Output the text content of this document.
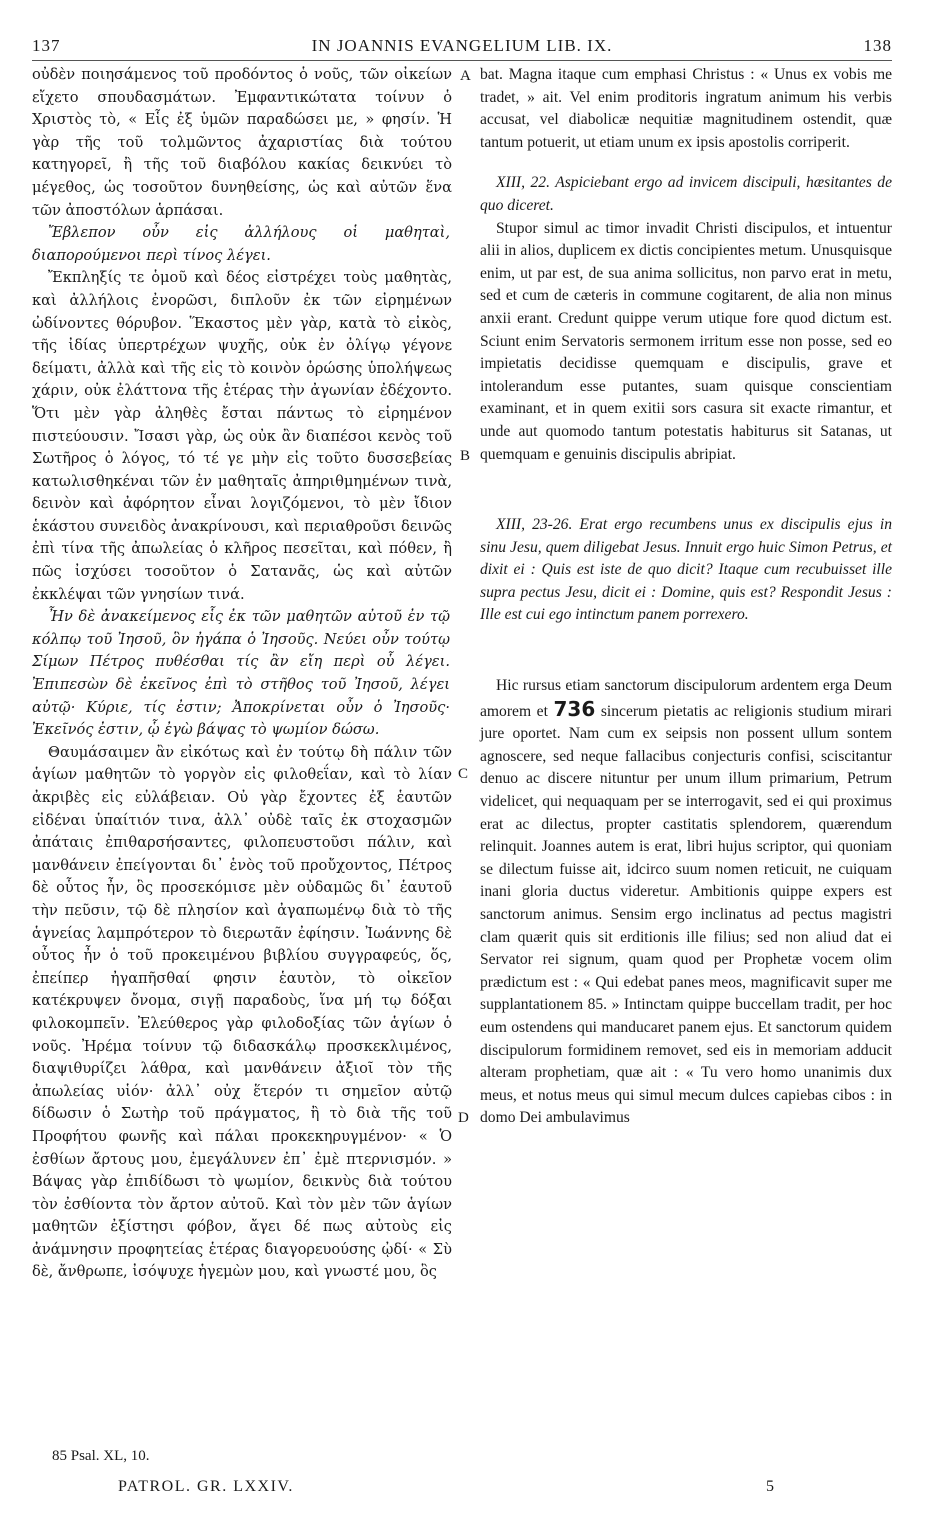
137	IN JOANNIS EVANGELIUM LIB. IX.	138

οὐδὲν ποιησάμενος τοῦ προδόντος ὁ νοῦς, τῶν οἰκείων εἴχετο σπουδασμάτων. Ἐμφαντικώτατα τοίνυν ὁ Χριστὸς τὸ, « Εἷς ἐξ ὑμῶν παραδώσει με, » φησίν. Ἡ γὰρ τῆς τοῦ τολμῶντος ἀχαριστίας διὰ τούτου κατηγορεῖ, ἢ τῆς τοῦ διαβόλου κακίας δεικνύει τὸ μέγεθος, ὡς τοσοῦτον δυνηθείσης, ὡς καὶ αὐτῶν ἕνα τῶν ἀποστόλων ἁρπάσαι.

Ἔβλεπον οὖν εἰς ἀλλήλους οἱ μαθηταὶ, διαπορούμενοι περὶ τίνος λέγει.

Ἔκπληξίς τε ὁμοῦ καὶ δέος εἰστρέχει τοὺς μαθητὰς, καὶ ἀλλήλοις ἐνορῶσι, διπλοῦν ἐκ τῶν εἰρημένων ὠδίνοντες θόρυβον. Ἕκαστος μὲν γὰρ, κατὰ τὸ εἰκὸς, τῆς ἰδίας ὑπερτρέχων ψυχῆς, οὐκ ἐν ὀλίγῳ γέγονε δείματι, ἀλλὰ καὶ τῆς εἰς τὸ κοινὸν ὁρώσης ὑπολήψεως χάριν, οὐκ ἐλάττονα τῆς ἑτέρας τὴν ἀγωνίαν ἐδέχοντο. Ὅτι μὲν γὰρ ἀληθὲς ἔσται πάντως τὸ εἰρημένον πιστεύουσιν. Ἴσασι γὰρ, ὡς οὐκ ἂν διαπέσοι κενὸς τοῦ Σωτῆρος ὁ λόγος, τό τέ γε μὴν εἰς τοῦτο δυσσεβείας κατωλισθηκέναι τῶν ἐν μαθηταῖς ἀπηριθμημένων τινὰ, δεινὸν καὶ ἀφόρητον εἶναι λογιζόμενοι, τὸ μὲν ἴδιον ἑκάστου συνειδὸς ἀνακρίνουσι, καὶ περιαθροῦσι δεινῶς ἐπὶ τίνα τῆς ἀπωλείας ὁ κλῆρος πεσεῖται, καὶ πόθεν, ἢ πῶς ἰσχύσει τοσοῦτον ὁ Σατανᾶς, ὡς καὶ αὐτῶν ἐκκλέψαι τῶν γνησίων τινά.

Ἦν δὲ ἀνακείμενος εἷς ἐκ τῶν μαθητῶν αὐτοῦ ἐν τῷ κόλπῳ τοῦ Ἰησοῦ, ὃν ἠγάπα ὁ Ἰησοῦς. Νεύει οὖν τούτῳ Σίμων Πέτρος πυθέσθαι τίς ἂν εἴη περὶ οὗ λέγει. Ἐπιπεσὼν δὲ ἐκεῖνος ἐπὶ τὸ στῆθος τοῦ Ἰησοῦ, λέγει αὐτῷ· Κύριε, τίς ἐστιν; Ἀποκρίνεται οὖν ὁ Ἰησοῦς· Ἐκεῖνός ἐστιν, ᾧ ἐγὼ βάψας τὸ ψωμίον δώσω.

Θαυμάσαιμεν ἂν εἰκότως καὶ ἐν τούτῳ δὴ πάλιν τῶν ἁγίων μαθητῶν τὸ γοργὸν εἰς φιλοθεΐαν, καὶ τὸ λίαν ἀκριβὲς εἰς εὐλάβειαν. Οὐ γὰρ ἔχοντες ἐξ ἑαυτῶν εἰδέναι ὑπαίτιόν τινα, ἀλλ᾽ οὐδὲ ταῖς ἐκ στοχασμῶν ἀπάταις ἐπιθαρσήσαντες, φιλοπευστοῦσι πάλιν, καὶ μανθάνειν ἐπείγονται δι᾽ ἑνὸς τοῦ προὔχοντος, Πέτρος δὲ οὗτος ἦν, ὃς προσεκόμισε μὲν οὐδαμῶς δι᾽ ἑαυτοῦ τὴν πεῦσιν, τῷ δὲ πλησίον καὶ ἀγαπωμένῳ διὰ τὸ τῆς ἁγνείας λαμπρότερον τὸ διερωτᾶν ἐφίησιν. Ἰωάννης δὲ οὗτος ἦν ὁ τοῦ προκειμένου βιβλίου συγγραφεύς, ὅς, ἐπείπερ ἠγαπῆσθαί φησιν ἑαυτὸν, τὸ οἰκεῖον κατέκρυψεν ὄνομα, σιγῇ παραδοὺς, ἵνα μή τῳ δόξαι φιλοκομπεῖν. Ἐλεύθερος γὰρ φιλοδοξίας τῶν ἁγίων ὁ νοῦς. Ἠρέμα τοίνυν τῷ διδασκάλῳ προσκεκλιμένος, διαψιθυρίζει λάθρα, καὶ μανθάνειν ἀξιοῖ τὸν τῆς ἀπωλείας υἱόν· ἀλλ᾽ οὐχ ἕτερόν τι σημεῖον αὐτῷ δίδωσιν ὁ Σωτὴρ τοῦ πράγματος, ἢ τὸ διὰ τῆς τοῦ Προφήτου φωνῆς καὶ πάλαι προκεκηρυγμένον· « Ὁ ἐσθίων ἄρτους μου, ἐμεγάλυνεν ἐπ᾽ ἐμὲ πτερνισμόν. » Βάψας γὰρ ἐπιδίδωσι τὸ ψωμίον, δεικνὺς διὰ τούτου τὸν ἐσθίοντα τὸν ἄρτον αὐτοῦ. Καὶ τὸν μὲν τῶν ἁγίων μαθητῶν ἐξίστησι φόβον, ἄγει δέ πως αὐτοὺς εἰς ἀνάμνησιν προφητείας ἑτέρας διαγορευούσης ᾠδί· « Σὺ δὲ, ἄνθρωπε, ἰσόψυχε ἡγεμὼν μου, καὶ γνωστέ μου, ὃς

A
B
C
D

bat. Magna itaque cum emphasi Christus : « Unus ex vobis me tradet, » ait. Vel enim proditoris ingratum animum his verbis accusat, vel diabolicæ nequitiæ magnitudinem ostendit, quæ tantum potuerit, ut etiam unum ex ipsis apostolis corriperit.

XIII, 22. Aspiciebant ergo ad invicem discipuli, hæsitantes de quo diceret.

Stupor simul ac timor invadit Christi discipulos, et intuentur alii in alios, duplicem ex dictis concipientes metum. Unusquisque enim, ut par est, de sua anima sollicitus, non parvo erat in metu, sed et cum de cæteris in commune cogitarent, de alia non minus anxii erant. Credunt quippe verum utique fore quod dictum est. Sciunt enim Servatoris sermonem irritum esse non posse, sed eo impietatis decidisse quemquam e discipulis, grave et intolerandum esse putantes, suam quisque conscientiam examinant, et in quem exitii sors casura sit exacte rimantur, et unde aut quomodo tantum potestatis habiturus sit Satanas, ut quemquam e genuinis discipulis abripiat.

XIII, 23-26. Erat ergo recumbens unus ex discipulis ejus in sinu Jesu, quem diligebat Jesus. Innuit ergo huic Simon Petrus, et dixit ei : Quis est iste de quo dicit? Itaque cum recubuisset ille supra pectus Jesu, dicit ei : Domine, quis est? Respondit Jesus : Ille est cui ego intinctum panem porrexero.

Hic rursus etiam sanctorum discipulorum ardentem erga Deum amorem et 736 sincerum pietatis ac religionis studium mirari jure oportet. Nam cum ex seipsis non possent ullum sontem agnoscere, sed neque fallacibus conjecturis confisi, sciscitantur denuo ac discere nituntur per unum illum primarium, Petrum videlicet, qui nequaquam per se interrogavit, sed ei qui proximus erat ac dilectus, propter castitatis splendorem, quærendum relinquit. Joannes autem is erat, libri hujus scriptor, qui quoniam se dilectum fuisse ait, idcirco suum nomen reticuit, ne cuiquam inani gloria ductus videretur. Ambitionis quippe expers est sanctorum animus. Sensim ergo inclinatus ad pectus magistri clam quærit quis sit erditionis ille filius; sed non aliud dat ei Servator rei signum, quam quod per Prophetæ vocem olim prædictum est : « Qui edebat panes meos, magnificavit super me supplantationem 85. » Intinctam quippe buccellam tradit, per hoc eum ostendens qui manducaret panem ejus. Et sanctorum quidem discipulorum formidinem removet, sed eis in memoriam adducit alteram prophetiam, quæ ait : « Tu vero homo unanimis dux meus, et notus meus qui simul mecum dulces capiebas cibos : in domo Dei ambulavimus

85 Psal. XL, 10.
PATROL. GR. LXXIV.	5
